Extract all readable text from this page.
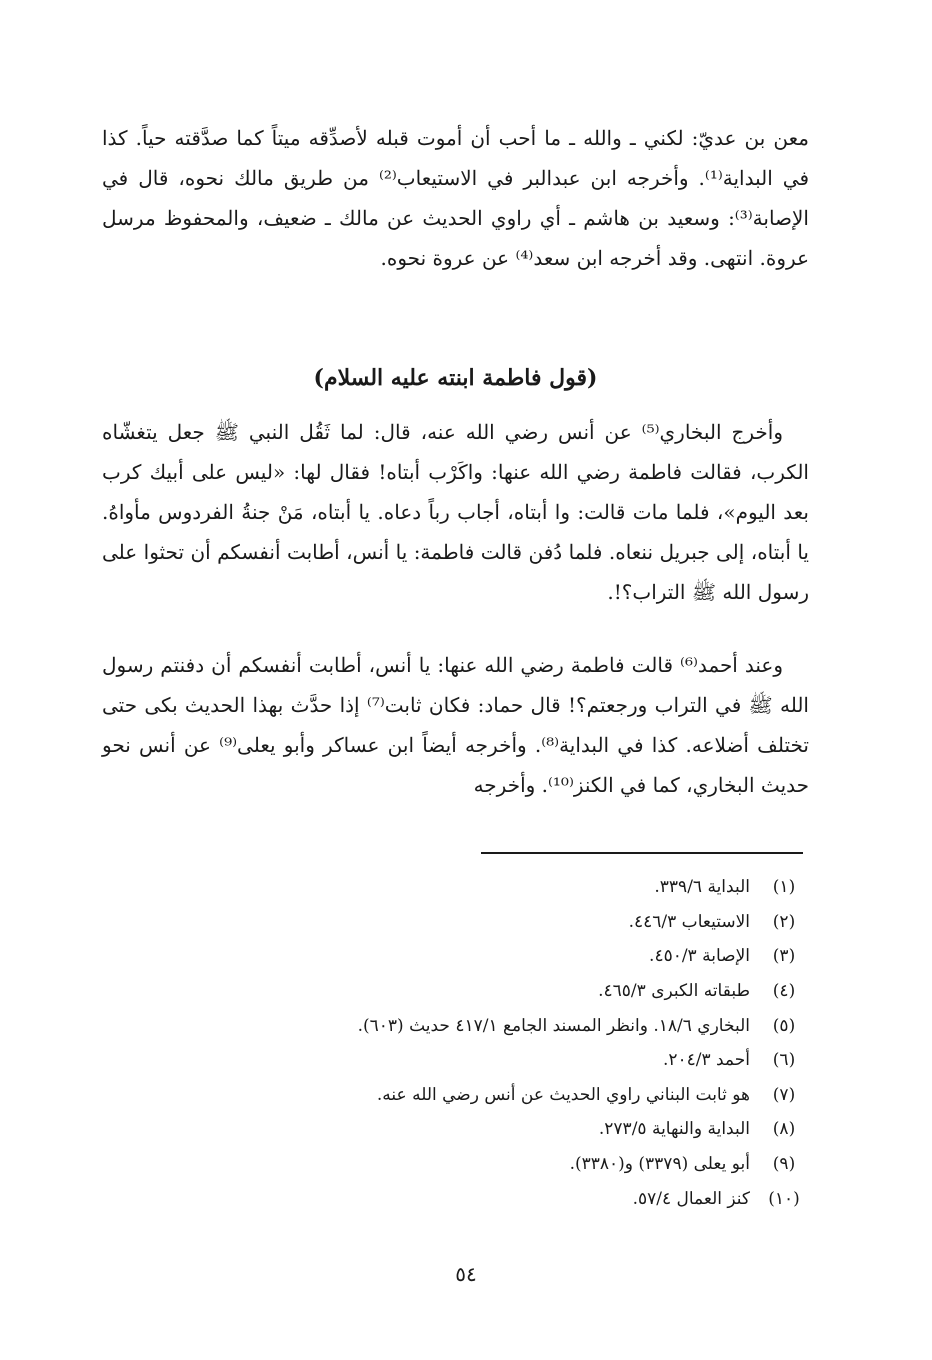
معن بن عديّ: لكني ـ والله ـ ما أحب أن أموت قبله لأصدِّقه ميتاً كما صدَّقته حياً. كذا في البداية⁽¹⁾. وأخرجه ابن عبدالبر في الاستيعاب⁽²⁾ من طريق مالك نحوه، قال في الإصابة⁽³⁾: وسعيد بن هاشم ـ أي راوي الحديث عن مالك ـ ضعيف، والمحفوظ مرسل عروة. انتهى. وقد أخرجه ابن سعد⁽⁴⁾ عن عروة نحوه.

(قول فاطمة ابنته عليه السلام)

وأخرج البخاري⁽⁵⁾ عن أنس رضي الله عنه، قال: لما ثَقُل النبي ﷺ جعل يتغشّاه الكرب، فقالت فاطمة رضي الله عنها: واكَرْب أبتاه! فقال لها: «ليس على أبيك كرب بعد اليوم»، فلما مات قالت: وا أبتاه، أجاب رباً دعاه. يا أبتاه، مَنْ جنةُ الفردوس مأواهُ. يا أبتاه، إلى جبريل ننعاه. فلما دُفن قالت فاطمة: يا أنس، أطابت أنفسكم أن تحثوا على رسول الله ﷺ التراب؟!.

وعند أحمد⁽⁶⁾ قالت فاطمة رضي الله عنها: يا أنس، أطابت أنفسكم أن دفنتم رسول الله ﷺ في التراب ورجعتم؟! قال حماد: فكان ثابت⁽⁷⁾ إذا حدَّث بهذا الحديث بكى حتى تختلف أضلاعه. كذا في البداية⁽⁸⁾. وأخرجه أيضاً ابن عساكر وأبو يعلى⁽⁹⁾ عن أنس نحو حديث البخاري، كما في الكنز⁽¹⁰⁾. وأخرجه

(١)
البداية ٣٣٩/٦.
(٢)
الاستيعاب ٤٤٦/٣.
(٣)
الإصابة ٤٥٠/٣.
(٤)
طبقاته الكبرى ٤٦٥/٣.
(٥)
البخاري ١٨/٦. وانظر المسند الجامع ٤١٧/١ حديث (٦٠٣).
(٦)
أحمد ٢٠٤/٣.
(٧)
هو ثابت البناني راوي الحديث عن أنس رضي الله عنه.
(٨)
البداية والنهاية ٢٧٣/٥.
(٩)
أبو يعلى (٣٣٧٩) و(٣٣٨٠).
(١٠)
كنز العمال ٥٧/٤.
٥٤
